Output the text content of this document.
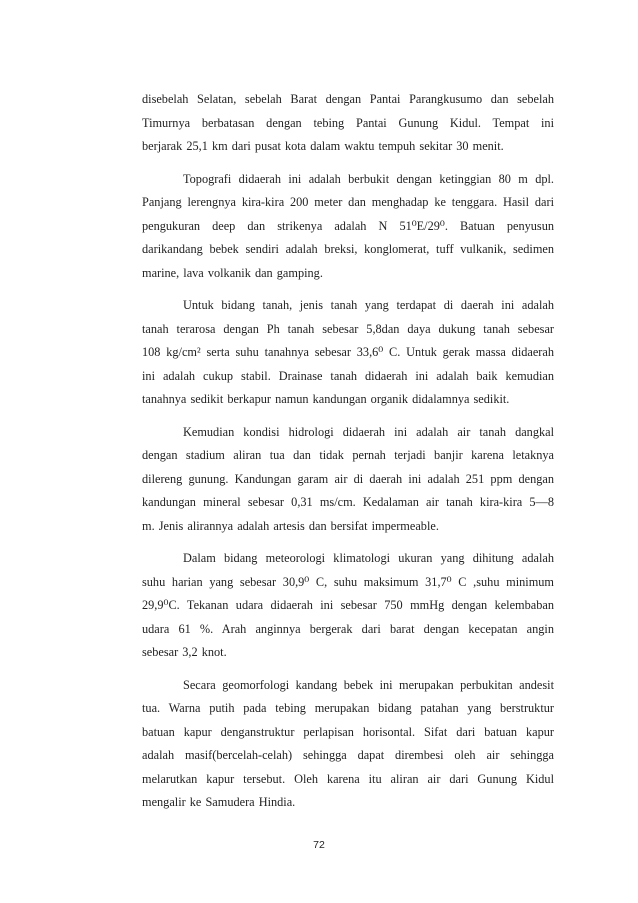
disebelah Selatan, sebelah Barat dengan Pantai Parangkusumo dan sebelah
Timurnya berbatasan dengan tebing Pantai Gunung Kidul. Tempat ini
berjarak 25,1 km dari pusat kota dalam waktu tempuh sekitar 30 menit.

Topografi didaerah ini adalah berbukit dengan ketinggian 80 m dpl.
Panjang lerengnya kira-kira 200 meter dan menghadap ke tenggara. Hasil dari
pengukuran deep dan strikenya adalah N 51⁰E/29⁰. Batuan penyusun
darikandang bebek sendiri adalah breksi, konglomerat, tuff vulkanik, sedimen
marine, lava volkanik dan gamping.

Untuk bidang tanah, jenis tanah yang terdapat di daerah ini adalah
tanah terarosa dengan Ph tanah sebesar 5,8dan daya dukung tanah sebesar
108 kg/cm² serta suhu tanahnya sebesar 33,6⁰ C. Untuk gerak massa didaerah
ini adalah cukup stabil. Drainase tanah didaerah ini adalah baik kemudian
tanahnya sedikit berkapur namun kandungan organik didalamnya sedikit.

Kemudian kondisi hidrologi didaerah ini adalah air tanah dangkal
dengan stadium aliran tua dan tidak pernah terjadi banjir karena letaknya
dilereng gunung. Kandungan garam air di daerah ini adalah 251 ppm dengan
kandungan mineral sebesar 0,31 ms/cm. Kedalaman air tanah kira-kira 5—8
m. Jenis alirannya adalah artesis dan bersifat impermeable.

Dalam bidang meteorologi klimatologi ukuran yang dihitung adalah
suhu harian yang sebesar 30,9⁰ C, suhu maksimum 31,7⁰ C ,suhu minimum
29,9⁰C. Tekanan udara didaerah ini sebesar 750 mmHg dengan kelembaban
udara 61 %. Arah anginnya bergerak dari barat dengan kecepatan angin
sebesar 3,2 knot.

Secara geomorfologi kandang bebek ini merupakan perbukitan andesit
tua. Warna putih pada tebing merupakan bidang patahan yang berstruktur
batuan kapur denganstruktur perlapisan horisontal. Sifat dari batuan kapur
adalah masif(bercelah-celah) sehingga dapat dirembesi oleh air sehingga
melarutkan kapur tersebut. Oleh karena itu aliran air dari Gunung Kidul
mengalir ke Samudera Hindia.

72
